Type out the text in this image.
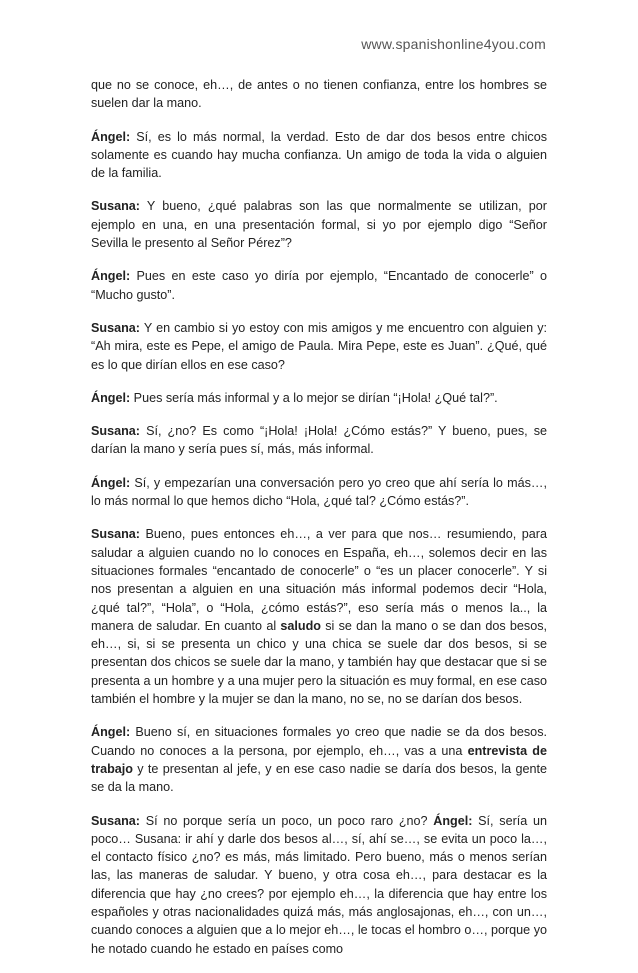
www.spanishonline4you.com

que no se conoce, eh…, de antes o no tienen confianza, entre los hombres se suelen dar la mano.

Ángel: Sí, es lo más normal, la verdad. Esto de dar dos besos entre chicos solamente es cuando hay mucha confianza. Un amigo de toda la vida o alguien de la familia.

Susana: Y bueno, ¿qué palabras son las que normalmente se utilizan, por ejemplo en una, en una presentación formal, si yo por ejemplo digo “Señor Sevilla le presento al Señor Pérez”?

Ángel: Pues en este caso yo diría por ejemplo, “Encantado de conocerle” o “Mucho gusto”.

Susana: Y en cambio si yo estoy con mis amigos y me encuentro con alguien y: “Ah mira, este es Pepe, el amigo de Paula. Mira Pepe, este es Juan”. ¿Qué, qué es lo que dirían ellos en ese caso?

Ángel: Pues sería más informal y a lo mejor se dirían “¡Hola! ¿Qué tal?”.

Susana: Sí, ¿no? Es como “¡Hola! ¡Hola! ¿Cómo estás?” Y bueno, pues, se darían la mano y sería pues sí, más, más informal.

Ángel: Sí, y empezarían una conversación pero yo creo que ahí sería lo más…, lo más normal lo que hemos dicho “Hola, ¿qué tal? ¿Cómo estás?”.

Susana: Bueno, pues entonces eh…, a ver para que nos… resumiendo, para saludar a alguien cuando no lo conoces en España, eh…, solemos decir en las situaciones formales “encantado de conocerle” o “es un placer conocerle”. Y si nos presentan a alguien en una situación más informal podemos decir “Hola, ¿qué tal?”, “Hola”, o “Hola, ¿cómo estás?”, eso sería más o menos la.., la manera de saludar. En cuanto al saludo si se dan la mano o se dan dos besos, eh…, si, si se presenta un chico y una chica se suele dar dos besos, si se presentan dos chicos se suele dar la mano, y también hay que destacar que si se presenta a un hombre y a una mujer pero la situación es muy formal, en ese caso también el hombre y la mujer se dan la mano, no se, no se darían dos besos.

Ángel: Bueno sí, en situaciones formales yo creo que nadie se da dos besos. Cuando no conoces a la persona, por ejemplo, eh…, vas a una entrevista de trabajo y te presentan al jefe, y en ese caso nadie se daría dos besos, la gente se da la mano.

Susana: Sí no porque sería un poco, un poco raro ¿no? Ángel: Sí, sería un poco… Susana: ir ahí y darle dos besos al…, sí, ahí se…, se evita un poco la…, el contacto físico ¿no? es más, más limitado. Pero bueno, más o menos serían las, las maneras de saludar. Y bueno, y otra cosa eh…, para destacar es la diferencia que hay ¿no crees? por ejemplo eh…, la diferencia que hay entre los españoles y otras nacionalidades quizá más, más anglosajonas, eh…, con un…, cuando conoces a alguien que a lo mejor eh…, le tocas el hombro o…, porque yo he notado cuando he estado en países como
